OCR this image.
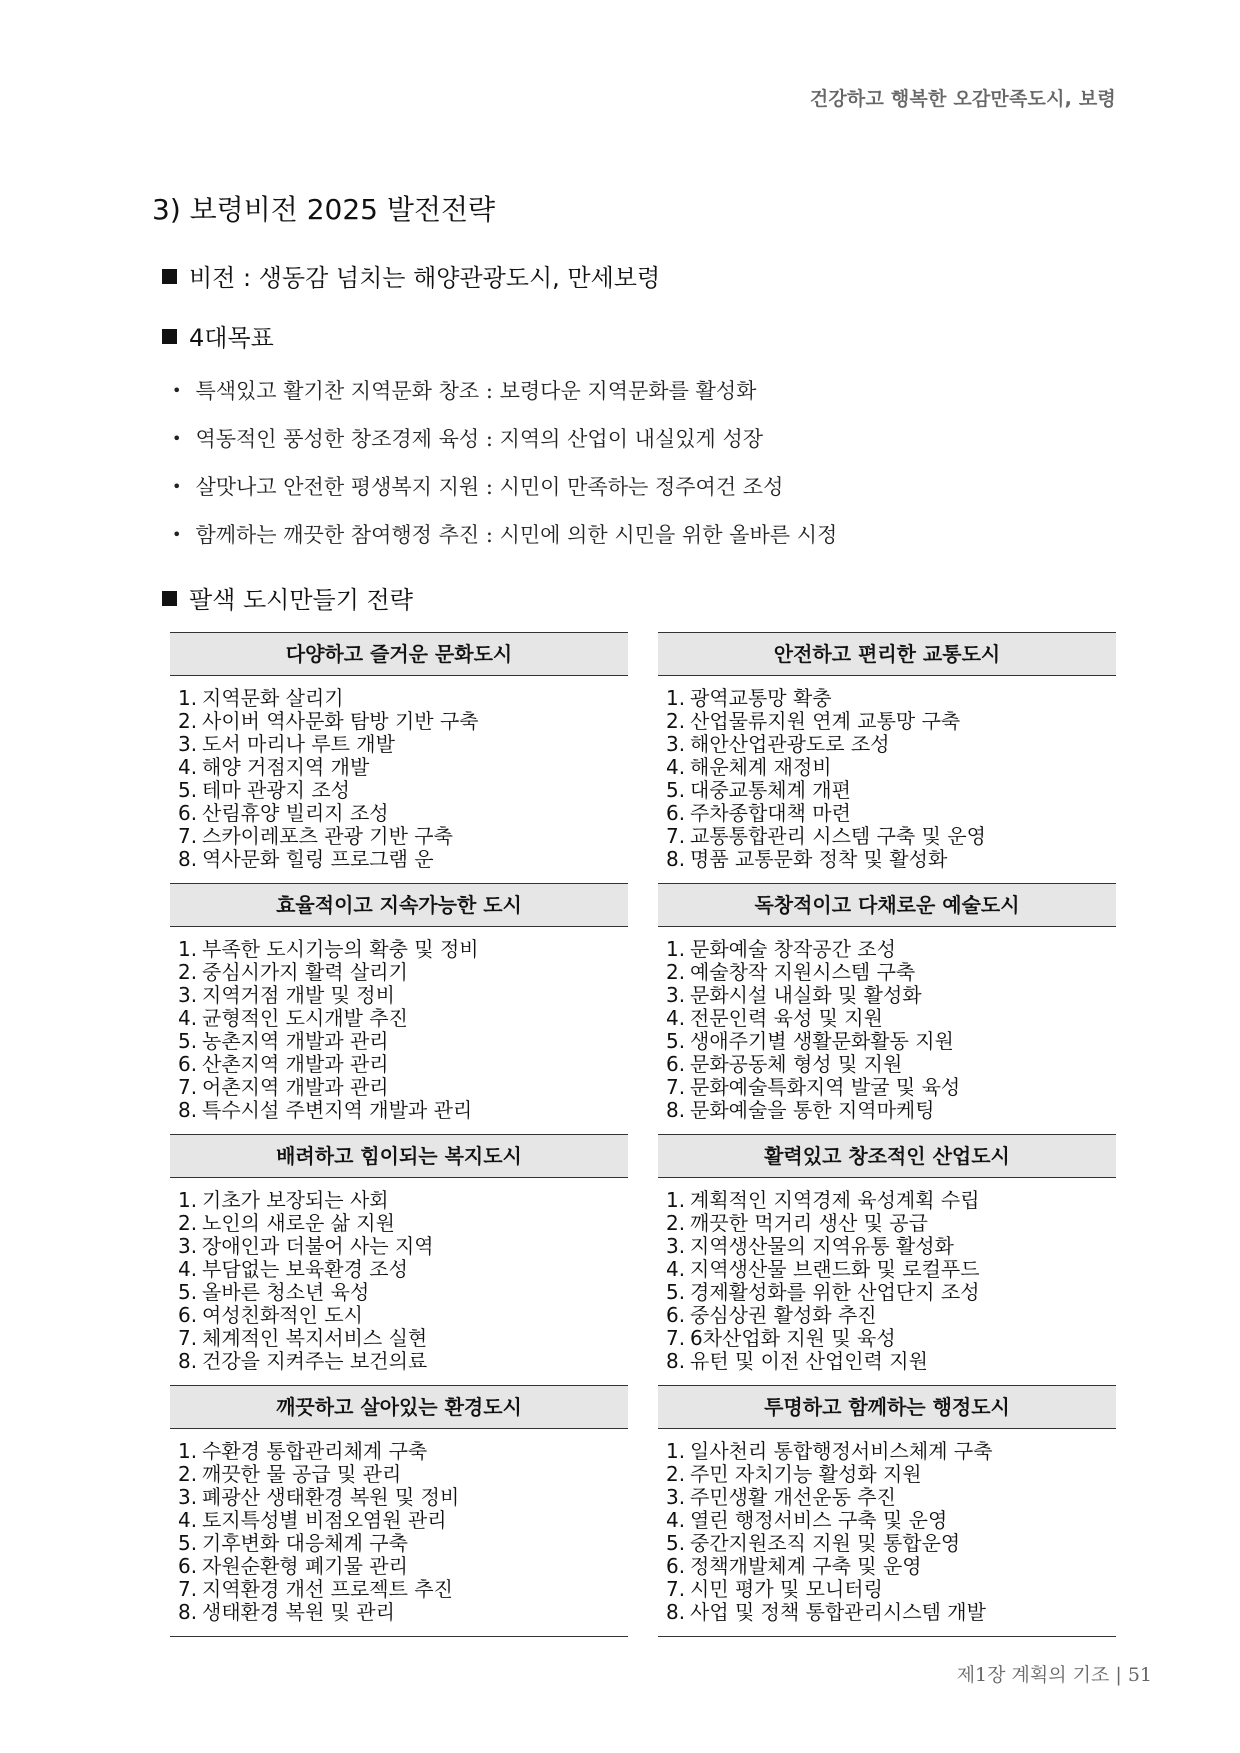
건강하고 행복한 오감만족도시, 보령
3) 보령비전 2025 발전전략
비전 : 생동감 넘치는 해양관광도시, 만세보령
4대목표
• 특색있고 활기찬 지역문화 창조 : 보령다운 지역문화를 활성화
• 역동적인 풍성한 창조경제 육성 : 지역의 산업이 내실있게 성장
• 살맛나고 안전한 평생복지 지원 : 시민이 만족하는 정주여건 조성
• 함께하는 깨끗한 참여행정 추진 : 시민에 의한 시민을 위한 올바른 시정
팔색 도시만들기 전략
다양하고 즐거운 문화도시
1. 지역문화 살리기
2. 사이버 역사문화 탐방 기반 구축
3. 도서 마리나 루트 개발
4. 해양 거점지역 개발
5. 테마 관광지 조성
6. 산림휴양 빌리지 조성
7. 스카이레포츠 관광 기반 구축
8. 역사문화 힐링 프로그램 운
안전하고 편리한 교통도시
1. 광역교통망 확충
2. 산업물류지원 연계 교통망 구축
3. 해안산업관광도로 조성
4. 해운체계 재정비
5. 대중교통체계 개편
6. 주차종합대책 마련
7. 교통통합관리 시스템 구축 및 운영
8. 명품 교통문화 정착 및 활성화
효율적이고 지속가능한 도시
1. 부족한 도시기능의 확충 및 정비
2. 중심시가지 활력 살리기
3. 지역거점 개발 및 정비
4. 균형적인 도시개발 추진
5. 농촌지역 개발과 관리
6. 산촌지역 개발과 관리
7. 어촌지역 개발과 관리
8. 특수시설 주변지역 개발과 관리
독창적이고 다채로운 예술도시
1. 문화예술 창작공간 조성
2. 예술창작 지원시스템 구축
3. 문화시설 내실화 및 활성화
4. 전문인력 육성 및 지원
5. 생애주기별 생활문화활동 지원
6. 문화공동체 형성 및 지원
7. 문화예술특화지역 발굴 및 육성
8. 문화예술을 통한 지역마케팅
배려하고 힘이되는 복지도시
1. 기초가 보장되는 사회
2. 노인의 새로운 삶 지원
3. 장애인과 더불어 사는 지역
4. 부담없는 보육환경 조성
5. 올바른 청소년 육성
6. 여성친화적인 도시
7. 체계적인 복지서비스 실현
8. 건강을 지켜주는 보건의료
활력있고 창조적인 산업도시
1. 계획적인 지역경제 육성계획 수립
2. 깨끗한 먹거리 생산 및 공급
3. 지역생산물의 지역유통 활성화
4. 지역생산물 브랜드화 및 로컬푸드
5. 경제활성화를 위한 산업단지 조성
6. 중심상권 활성화 추진
7. 6차산업화 지원 및 육성
8. 유턴 및 이전 산업인력 지원
깨끗하고 살아있는 환경도시
1. 수환경 통합관리체계 구축
2. 깨끗한 물 공급 및 관리
3. 폐광산 생태환경 복원 및 정비
4. 토지특성별 비점오염원 관리
5. 기후변화 대응체계 구축
6. 자원순환형 폐기물 관리
7. 지역환경 개선 프로젝트 추진
8. 생태환경 복원 및 관리
투명하고 함께하는 행정도시
1. 일사천리 통합행정서비스체계 구축
2. 주민 자치기능 활성화 지원
3. 주민생활 개선운동 추진
4. 열린 행정서비스 구축 및 운영
5. 중간지원조직 지원 및 통합운영
6. 정책개발체계 구축 및 운영
7. 시민 평가 및 모니터링
8. 사업 및 정책 통합관리시스템 개발
제1장 계획의 기조 | 51
